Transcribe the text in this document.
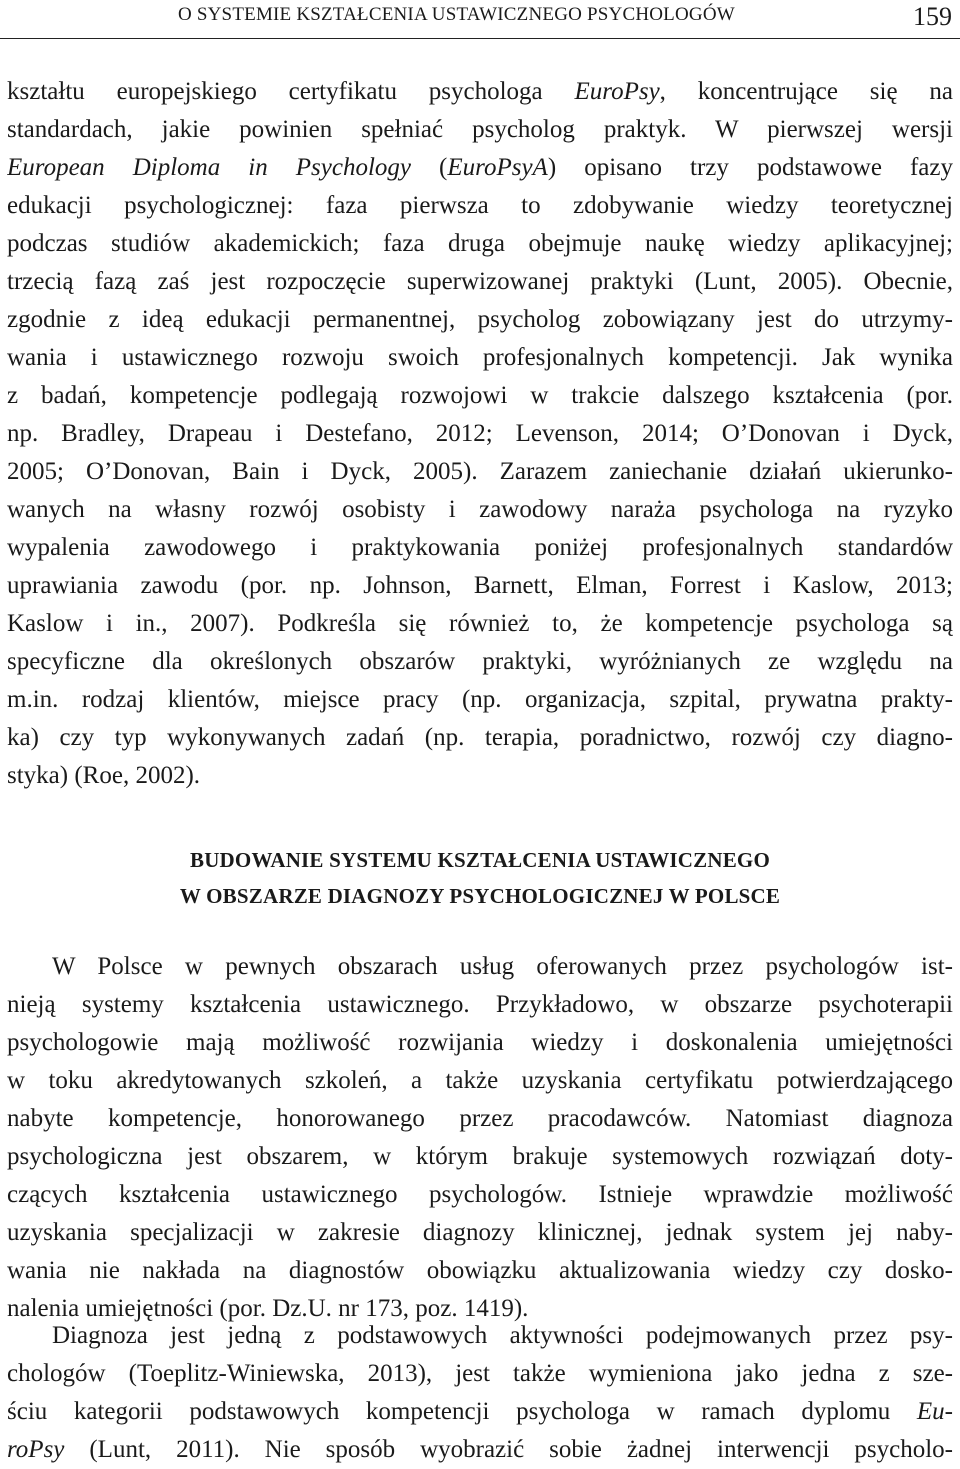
O SYSTEMIE KSZTAŁCENIA USTAWICZNEGO PSYCHOLOGÓW	159
kształtu europejskiego certyfikatu psychologa EuroPsy, koncentrujące się na
standardach, jakie powinien spełniać psycholog praktyk. W pierwszej wersji
European Diploma in Psychology (EuroPsyA) opisano trzy podstawowe fazy
edukacji psychologicznej: faza pierwsza to zdobywanie wiedzy teoretycznej
podczas studiów akademickich; faza druga obejmuje naukę wiedzy aplikacyjnej;
trzecią fazą zaś jest rozpoczęcie superwizowanej praktyki (Lunt, 2005). Obecnie,
zgodnie z ideą edukacji permanentnej, psycholog zobowiązany jest do utrzymy-
wania i ustawicznego rozwoju swoich profesjonalnych kompetencji. Jak wynika
z badań, kompetencje podlegają rozwojowi w trakcie dalszego kształcenia (por.
np. Bradley, Drapeau i Destefano, 2012; Levenson, 2014; O’Donovan i Dyck,
2005; O’Donovan, Bain i Dyck, 2005). Zarazem zaniechanie działań ukierunko-
wanych na własny rozwój osobisty i zawodowy naraża psychologa na ryzyko
wypalenia zawodowego i praktykowania poniżej profesjonalnych standardów
uprawiania zawodu (por. np. Johnson, Barnett, Elman, Forrest i Kaslow, 2013;
Kaslow i in., 2007). Podkreśla się również to, że kompetencje psychologa są
specyficzne dla określonych obszarów praktyki, wyróżnianych ze względu na
m.in. rodzaj klientów, miejsce pracy (np. organizacja, szpital, prywatna prakty-
ka) czy typ wykonywanych zadań (np. terapia, poradnictwo, rozwój czy diagno-
styka) (Roe, 2002).
BUDOWANIE SYSTEMU KSZTAŁCENIA USTAWICZNEGO
W OBSZARZE DIAGNOZY PSYCHOLOGICZNEJ W POLSCE
W Polsce w pewnych obszarach usług oferowanych przez psychologów ist-
nieją systemy kształcenia ustawicznego. Przykładowo, w obszarze psychoterapii
psychologowie mają możliwość rozwijania wiedzy i doskonalenia umiejętności
w toku akredytowanych szkoleń, a także uzyskania certyfikatu potwierdzającego
nabyte kompetencje, honorowanego przez pracodawców. Natomiast diagnoza
psychologiczna jest obszarem, w którym brakuje systemowych rozwiązań doty-
czących kształcenia ustawicznego psychologów. Istnieje wprawdzie możliwość
uzyskania specjalizacji w zakresie diagnozy klinicznej, jednak system jej naby-
wania nie nakłada na diagnostów obowiązku aktualizowania wiedzy czy dosko-
nalenia umiejętności (por. Dz.U. nr 173, poz. 1419).
Diagnoza jest jedną z podstawowych aktywności podejmowanych przez psy-
chologów (Toeplitz-Winiewska, 2013), jest także wymieniona jako jedna z sze-
ściu kategorii podstawowych kompetencji psychologa w ramach dyplomu Eu-
roPsy (Lunt, 2011). Nie sposób wyobrazić sobie żadnej interwencji psycholo-
